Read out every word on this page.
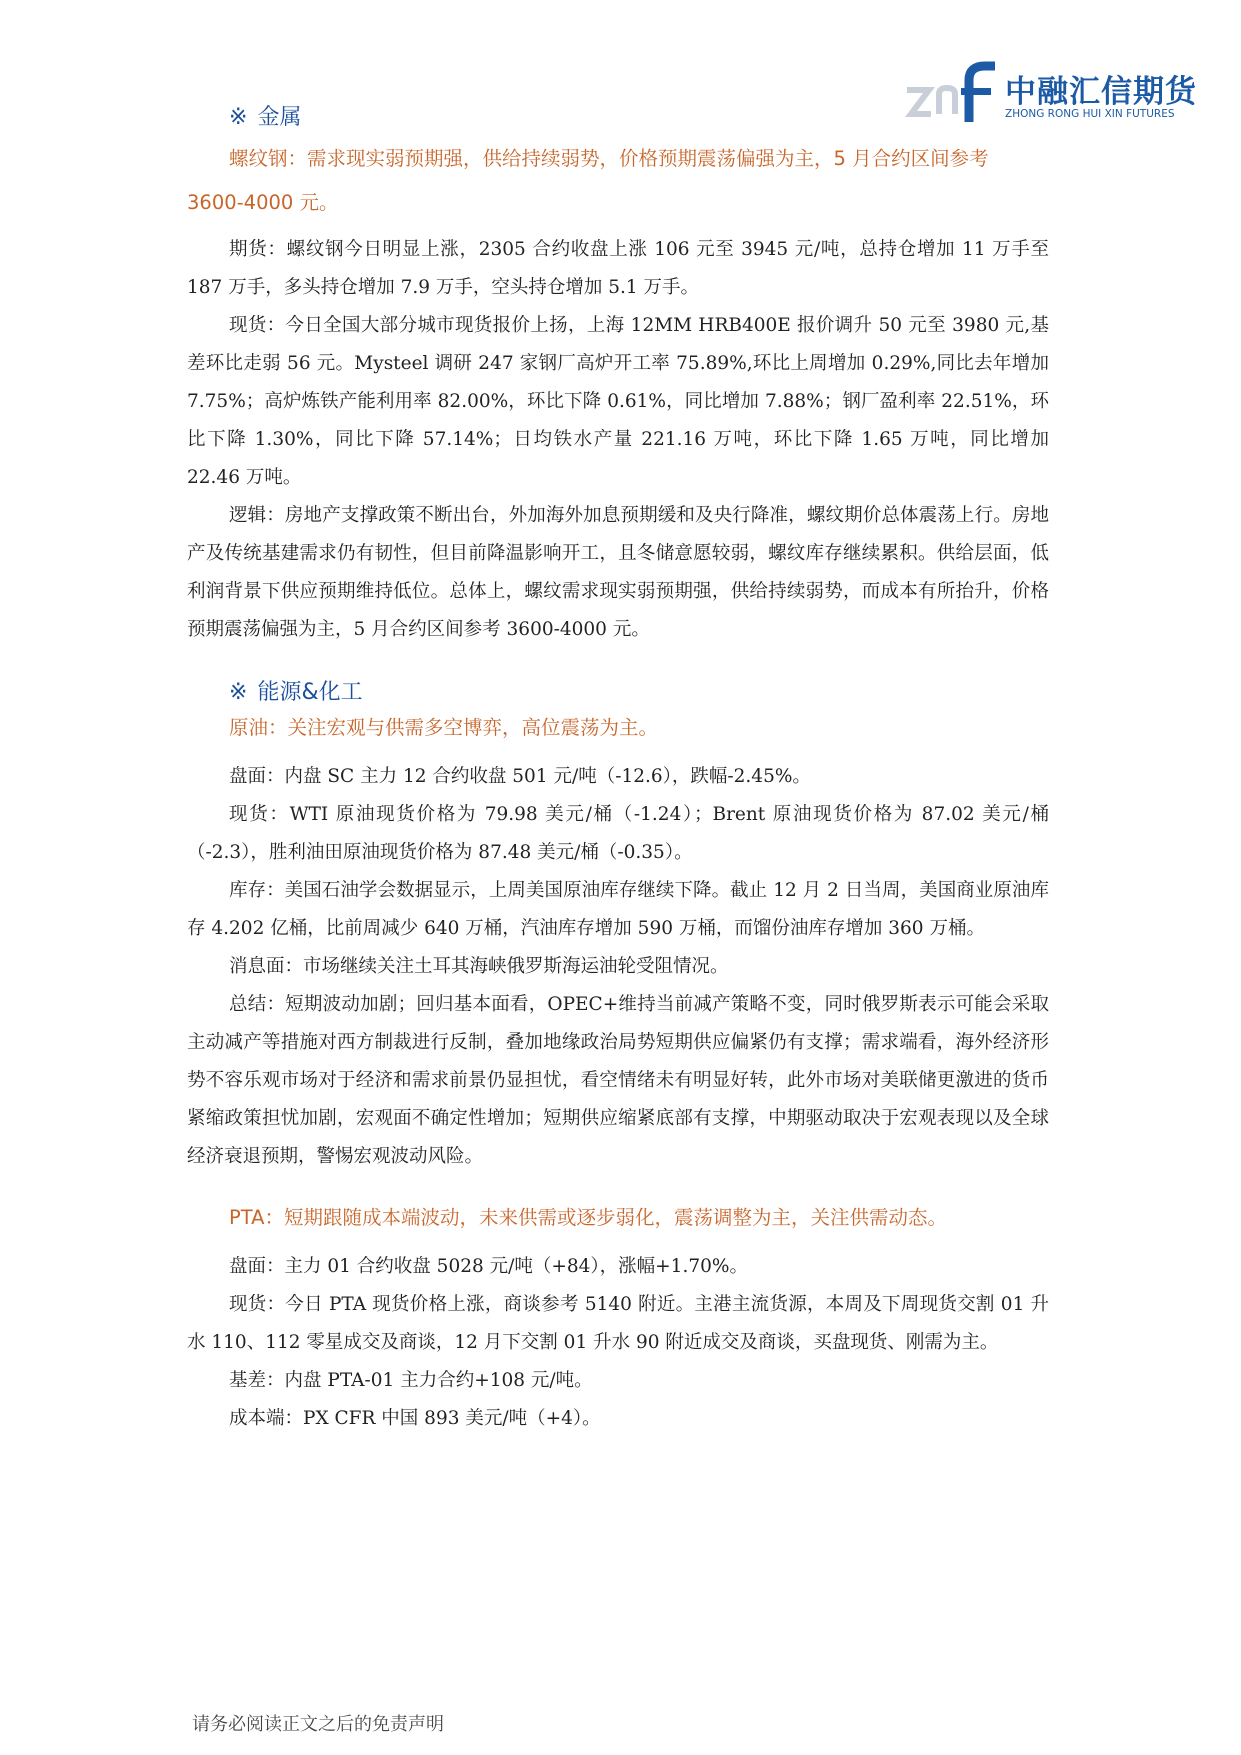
中融汇信期货
ZHONG RONG HUI XIN FUTURES
※ 金属

螺纹钢：需求现实弱预期强，供给持续弱势，价格预期震荡偏强为主，5 月合约区间参考 3600-4000 元。

期货：螺纹钢今日明显上涨，2305 合约收盘上涨 106 元至 3945 元/吨，总持仓增加 11 万手至 187 万手，多头持仓增加 7.9 万手，空头持仓增加 5.1 万手。

现货：今日全国大部分城市现货报价上扬，上海 12MM HRB400E 报价调升 50 元至 3980 元,基差环比走弱 56 元。Mysteel 调研 247 家钢厂高炉开工率 75.89%,环比上周增加 0.29%,同比去年增加 7.75%；高炉炼铁产能利用率 82.00%，环比下降 0.61%，同比增加 7.88%；钢厂盈利率 22.51%，环比下降 1.30%，同比下降 57.14%；日均铁水产量 221.16 万吨，环比下降 1.65 万吨，同比增加 22.46 万吨。

逻辑：房地产支撑政策不断出台，外加海外加息预期缓和及央行降准，螺纹期价总体震荡上行。房地产及传统基建需求仍有韧性，但目前降温影响开工，且冬储意愿较弱，螺纹库存继续累积。供给层面，低利润背景下供应预期维持低位。总体上，螺纹需求现实弱预期强，供给持续弱势，而成本有所抬升，价格预期震荡偏强为主，5 月合约区间参考 3600-4000 元。

※ 能源&化工

原油：关注宏观与供需多空博弈，高位震荡为主。

盘面：内盘 SC 主力 12 合约收盘 501 元/吨（-12.6），跌幅-2.45%。

现货：WTI 原油现货价格为 79.98 美元/桶（-1.24）；Brent 原油现货价格为 87.02 美元/桶（-2.3），胜利油田原油现货价格为 87.48 美元/桶（-0.35）。

库存：美国石油学会数据显示，上周美国原油库存继续下降。截止 12 月 2 日当周，美国商业原油库存 4.202 亿桶，比前周减少 640 万桶，汽油库存增加 590 万桶，而馏份油库存增加 360 万桶。

消息面：市场继续关注土耳其海峡俄罗斯海运油轮受阻情况。

总结：短期波动加剧；回归基本面看，OPEC+维持当前减产策略不变，同时俄罗斯表示可能会采取主动减产等措施对西方制裁进行反制，叠加地缘政治局势短期供应偏紧仍有支撑；需求端看，海外经济形势不容乐观市场对于经济和需求前景仍显担忧，看空情绪未有明显好转，此外市场对美联储更激进的货币紧缩政策担忧加剧，宏观面不确定性增加；短期供应缩紧底部有支撑，中期驱动取决于宏观表现以及全球经济衰退预期，警惕宏观波动风险。

PTA：短期跟随成本端波动，未来供需或逐步弱化，震荡调整为主，关注供需动态。

盘面：主力 01 合约收盘 5028 元/吨（+84），涨幅+1.70%。

现货：今日 PTA 现货价格上涨，商谈参考 5140 附近。主港主流货源，本周及下周现货交割 01 升水 110、112 零星成交及商谈，12 月下交割 01 升水 90 附近成交及商谈，买盘现货、刚需为主。

基差：内盘 PTA-01 主力合约+108 元/吨。

成本端：PX CFR 中国 893 美元/吨（+4）。

请务必阅读正文之后的免责声明
